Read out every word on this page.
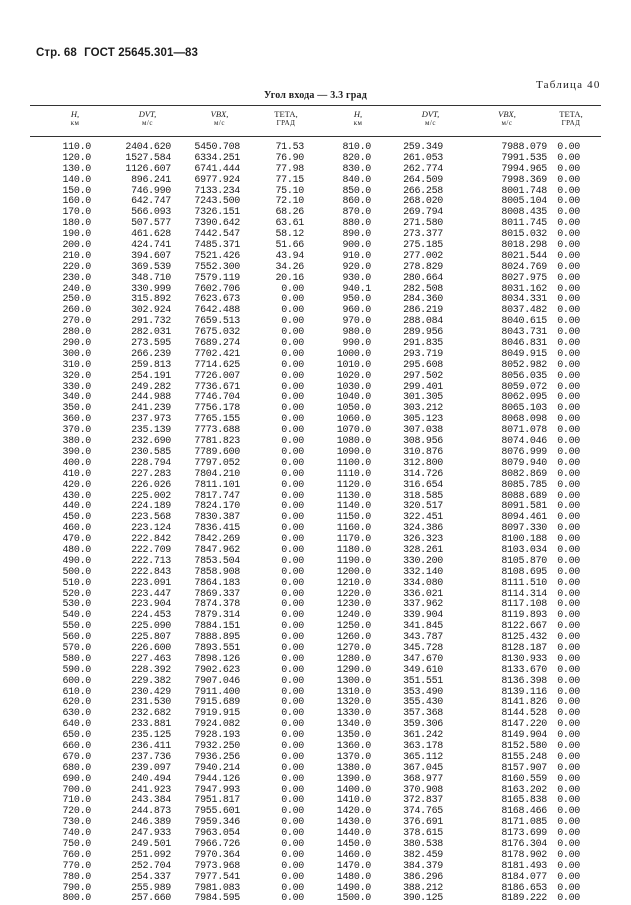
Стр. 68 ГОСТ 25645.301—83
Таблица 40
Угол входа — 3.3 град
H,
км
DVT,
м/с
VBX,
м/с
ТЕТА,
ГРАД
H,
км
DVT,
м/с
VBX,
м/с
ТЕТА,
ГРАД
110.0
120.0
130.0
140.0
150.0
160.0
170.0
180.0
190.0
200.0
210.0
220.0
230.0
240.0
250.0
260.0
270.0
280.0
290.0
300.0
310.0
320.0
330.0
340.0
350.0
360.0
370.0
380.0
390.0
400.0
410.0
420.0
430.0
440.0
450.0
460.0
470.0
480.0
490.0
500.0
510.0
520.0
530.0
540.0
550.0
560.0
570.0
580.0
590.0
600.0
610.0
620.0
630.0
640.0
650.0
660.0
670.0
680.0
690.0
700.0
710.0
720.0
730.0
740.0
750.0
760.0
770.0
780.0
790.0
800.0
2404.620
1527.584
1126.607
896.241
746.990
642.747
566.093
507.577
461.628
424.741
394.607
369.539
348.710
330.999
315.892
302.924
291.732
282.031
273.595
266.239
259.813
254.191
249.282
244.988
241.239
237.973
235.139
232.690
230.585
228.794
227.283
226.026
225.002
224.189
223.568
223.124
222.842
222.709
222.713
222.843
223.091
223.447
223.904
224.453
225.090
225.807
226.600
227.463
228.392
229.382
230.429
231.530
232.682
233.881
235.125
236.411
237.736
239.097
240.494
241.923
243.384
244.873
246.389
247.933
249.501
251.092
252.704
254.337
255.989
257.660
5450.708
6334.251
6741.444
6977.924
7133.234
7243.500
7326.151
7390.642
7442.547
7485.371
7521.426
7552.300
7579.119
7602.706
7623.673
7642.488
7659.513
7675.032
7689.274
7702.421
7714.625
7726.007
7736.671
7746.704
7756.178
7765.155
7773.688
7781.823
7789.600
7797.052
7804.210
7811.101
7817.747
7824.170
7830.387
7836.415
7842.269
7847.962
7853.504
7858.908
7864.183
7869.337
7874.378
7879.314
7884.151
7888.895
7893.551
7898.126
7902.623
7907.046
7911.400
7915.689
7919.915
7924.082
7928.193
7932.250
7936.256
7940.214
7944.126
7947.993
7951.817
7955.601
7959.346
7963.054
7966.726
7970.364
7973.968
7977.541
7981.083
7984.595
71.53
76.90
77.98
77.15
75.10
72.10
68.26
63.61
58.12
51.66
43.94
34.26
20.16
0.00
0.00
0.00
0.00
0.00
0.00
0.00
0.00
0.00
0.00
0.00
0.00
0.00
0.00
0.00
0.00
0.00
0.00
0.00
0.00
0.00
0.00
0.00
0.00
0.00
0.00
0.00
0.00
0.00
0.00
0.00
0.00
0.00
0.00
0.00
0.00
0.00
0.00
0.00
0.00
0.00
0.00
0.00
0.00
0.00
0.00
0.00
0.00
0.00
0.00
0.00
0.00
0.00
0.00
0.00
0.00
0.00
810.0
820.0
830.0
840.0
850.0
860.0
870.0
880.0
890.0
900.0
910.0
920.0
930.0
940.1
950.0
960.0
970.0
980.0
990.0
1000.0
1010.0
1020.0
1030.0
1040.0
1050.0
1060.0
1070.0
1080.0
1090.0
1100.0
1110.0
1120.0
1130.0
1140.0
1150.0
1160.0
1170.0
1180.0
1190.0
1200.0
1210.0
1220.0
1230.0
1240.0
1250.0
1260.0
1270.0
1280.0
1290.0
1300.0
1310.0
1320.0
1330.0
1340.0
1350.0
1360.0
1370.0
1380.0
1390.0
1400.0
1410.0
1420.0
1430.0
1440.0
1450.0
1460.0
1470.0
1480.0
1490.0
1500.0
259.349
261.053
262.774
264.509
266.258
268.020
269.794
271.580
273.377
275.185
277.002
278.829
280.664
282.508
284.360
286.219
288.084
289.956
291.835
293.719
295.608
297.502
299.401
301.305
303.212
305.123
307.038
308.956
310.876
312.800
314.726
316.654
318.585
320.517
322.451
324.386
326.323
328.261
330.200
332.140
334.080
336.021
337.962
339.904
341.845
343.787
345.728
347.670
349.610
351.551
353.490
355.430
357.368
359.306
361.242
363.178
365.112
367.045
368.977
370.908
372.837
374.765
376.691
378.615
380.538
382.459
384.379
386.296
388.212
390.125
7988.079
7991.535
7994.965
7998.369
8001.748
8005.104
8008.435
8011.745
8015.032
8018.298
8021.544
8024.769
8027.975
8031.162
8034.331
8037.482
8040.615
8043.731
8046.831
8049.915
8052.982
8056.035
8059.072
8062.095
8065.103
8068.098
8071.078
8074.046
8076.999
8079.940
8082.869
8085.785
8088.689
8091.581
8094.461
8097.330
8100.188
8103.034
8105.870
8108.695
8111.510
8114.314
8117.108
8119.893
8122.667
8125.432
8128.187
8130.933
8133.670
8136.398
8139.116
8141.826
8144.528
8147.220
8149.904
8152.580
8155.248
8157.907
8160.559
8163.202
8165.838
8168.466
8171.085
8173.699
8176.304
8178.902
8181.493
8184.077
8186.653
8189.222
0.00
0.00
0.00
0.00
0.00
0.00
0.00
0.00
0.00
0.00
0.00
0.00
0.00
0.00
0.00
0.00
0.00
0.00
0.00
0.00
0.00
0.00
0.00
0.00
0.00
0.00
0.00
0.00
0.00
0.00
0.00
0.00
0.00
0.00
0.00
0.00
0.00
0.00
0.00
0.00
0.00
0.00
0.00
0.00
0.00
0.00
0.00
0.00
0.00
0.00
0.00
0.00
0.00
0.00
0.00
0.00
0.00
0.00
0.00
0.00
0.00
0.00
0.00
0.00
0.00
0.00
0.00
0.00
0.00
0.00
